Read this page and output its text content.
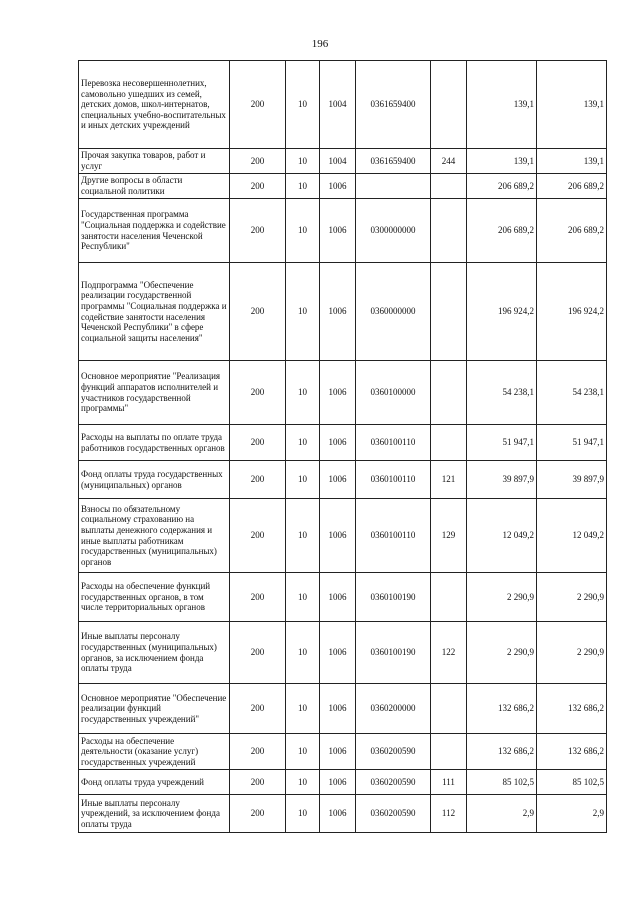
196
Перевозка несовершеннолетних, самовольно ушедших из семей, детских домов, школ-интернатов, специальных учебно-воспитательных и иных детских учреждений	200	10	1004	0361659400		139,1	139,1
Прочая закупка товаров, работ и услуг	200	10	1004	0361659400	244	139,1	139,1
Другие вопросы в области социальной политики	200	10	1006			206 689,2	206 689,2
Государственная программа "Социальная поддержка и содействие занятости населения Чеченской Республики"	200	10	1006	0300000000		206 689,2	206 689,2
Подпрограмма "Обеспечение реализации государственной программы "Социальная поддержка и содействие занятости населения Чеченской Республики" в сфере социальной защиты населения"	200	10	1006	0360000000		196 924,2	196 924,2
Основное мероприятие "Реализация функций аппаратов исполнителей и участников государственной программы"	200	10	1006	0360100000		54 238,1	54 238,1
Расходы на выплаты по оплате труда работников государственных органов	200	10	1006	0360100110		51 947,1	51 947,1
Фонд оплаты труда государственных (муниципальных) органов	200	10	1006	0360100110	121	39 897,9	39 897,9
Взносы по обязательному социальному страхованию на выплаты денежного содержания и иные выплаты работникам государственных (муниципальных) органов	200	10	1006	0360100110	129	12 049,2	12 049,2
Расходы на обеспечение функций государственных органов, в том числе территориальных органов	200	10	1006	0360100190		2 290,9	2 290,9
Иные выплаты персоналу государственных (муниципальных) органов, за исключением фонда оплаты труда	200	10	1006	0360100190	122	2 290,9	2 290,9
Основное мероприятие "Обеспечение реализации функций государственных учреждений"	200	10	1006	0360200000		132 686,2	132 686,2
Расходы на обеспечение деятельности (оказание услуг) государственных учреждений	200	10	1006	0360200590		132 686,2	132 686,2
Фонд оплаты труда учреждений	200	10	1006	0360200590	111	85 102,5	85 102,5
Иные выплаты персоналу учреждений, за исключением фонда оплаты труда	200	10	1006	0360200590	112	2,9	2,9
